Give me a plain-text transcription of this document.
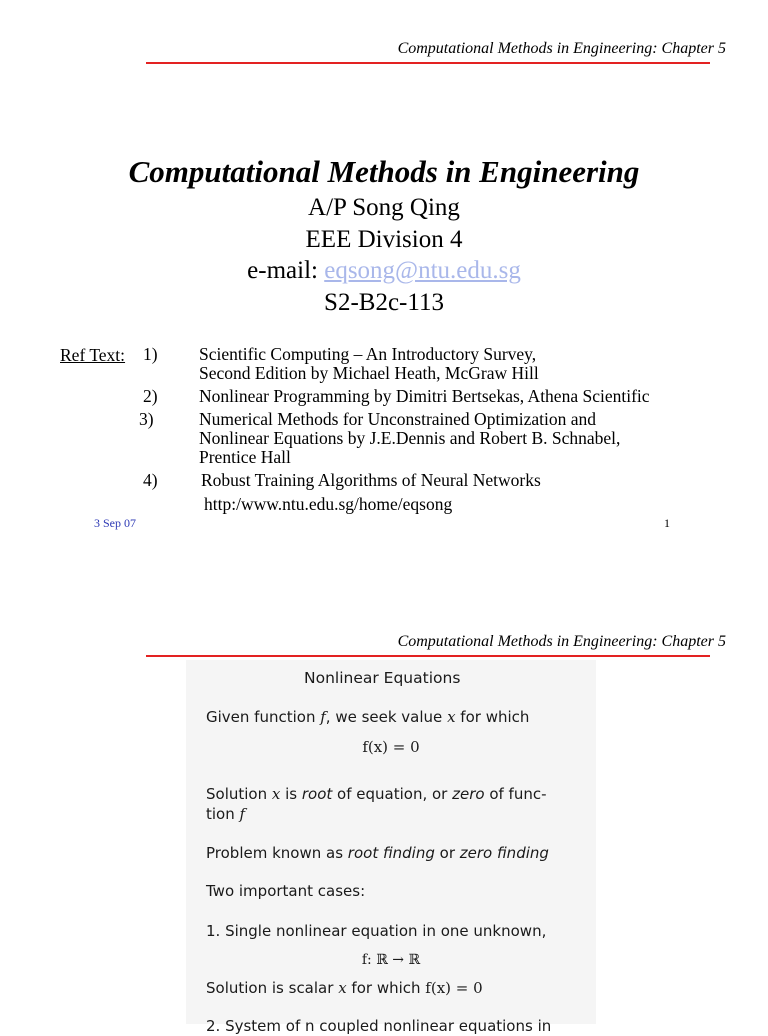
Computational Methods in Engineering: Chapter 5
Computational Methods in Engineering
A/P Song Qing
EEE Division 4
e-mail: eqsong@ntu.edu.sg
S2-B2c-113
Ref Text: 1) Scientific Computing – An Introductory Survey,
Second Edition by Michael Heath, McGraw Hill
2) Nonlinear Programming by Dimitri Bertsekas, Athena Scientific
3)	Numerical Methods for Unconstrained Optimization and
Nonlinear Equations by J.E.Dennis and Robert B. Schnabel,
Prentice Hall
4) Robust Training Algorithms of Neural Networks
http:/www.ntu.edu.sg/home/eqsong
3 Sep 07	1
Computational Methods in Engineering: Chapter 5
Nonlinear Equations
Given function f, we seek value x for which
f(x) = 0
Solution x is root of equation, or zero of func-
tion f
Problem known as root finding or zero finding
Two important cases:
1. Single nonlinear equation in one unknown,
f: ℝ → ℝ
Solution is scalar x for which f(x) = 0
2. System of n coupled nonlinear equations in
